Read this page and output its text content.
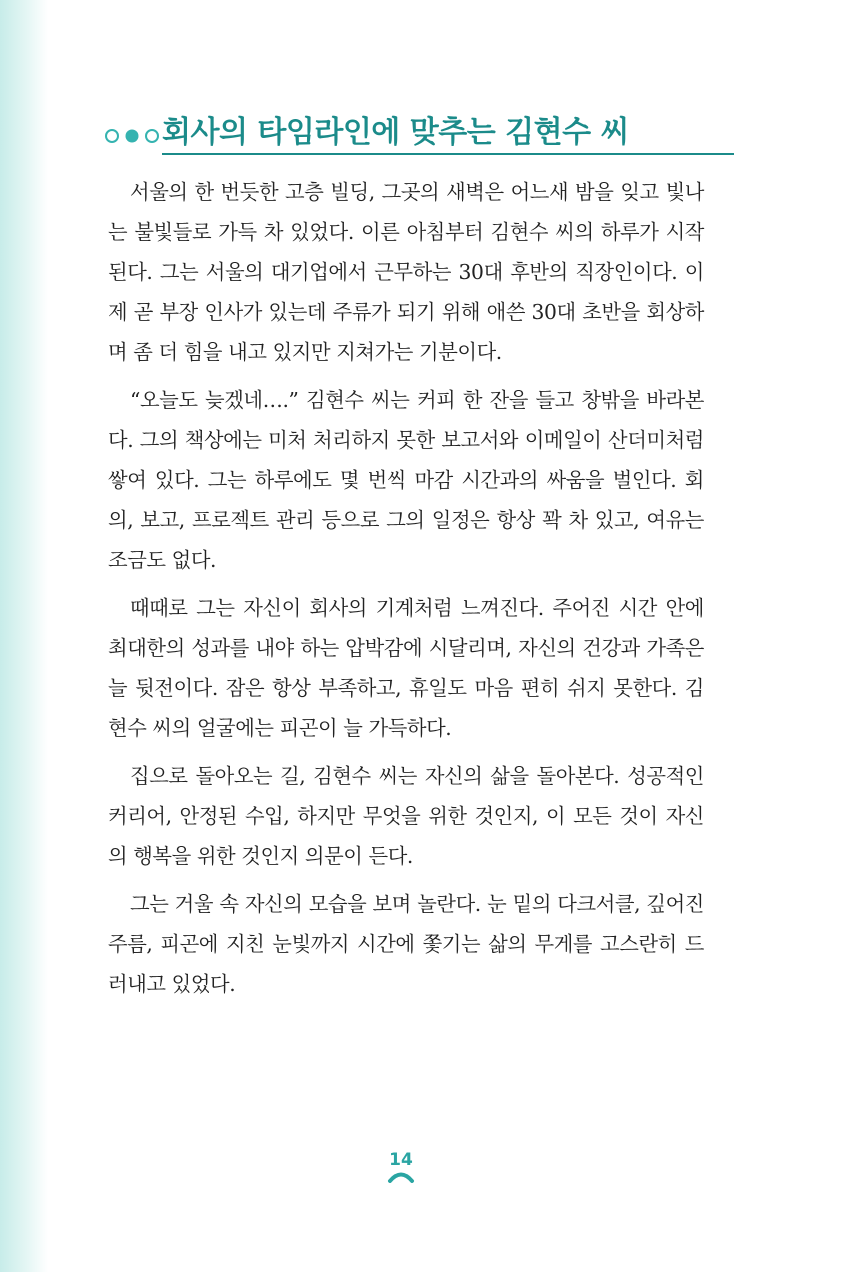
회사의 타임라인에 맞추는 김현수 씨

서울의 한 번듯한 고층 빌딩, 그곳의 새벽은 어느새 밤을 잊고 빛나는 불빛들로 가득 차 있었다. 이른 아침부터 김현수 씨의 하루가 시작된다. 그는 서울의 대기업에서 근무하는 30대 후반의 직장인이다. 이제 곧 부장 인사가 있는데 주류가 되기 위해 애쓴 30대 초반을 회상하며 좀 더 힘을 내고 있지만 지쳐가는 기분이다.

“오늘도 늦겠네….” 김현수 씨는 커피 한 잔을 들고 창밖을 바라본다. 그의 책상에는 미처 처리하지 못한 보고서와 이메일이 산더미처럼 쌓여 있다. 그는 하루에도 몇 번씩 마감 시간과의 싸움을 벌인다. 회의, 보고, 프로젝트 관리 등으로 그의 일정은 항상 꽉 차 있고, 여유는 조금도 없다.

때때로 그는 자신이 회사의 기계처럼 느껴진다. 주어진 시간 안에 최대한의 성과를 내야 하는 압박감에 시달리며, 자신의 건강과 가족은 늘 뒷전이다. 잠은 항상 부족하고, 휴일도 마음 편히 쉬지 못한다. 김현수 씨의 얼굴에는 피곤이 늘 가득하다.

집으로 돌아오는 길, 김현수 씨는 자신의 삶을 돌아본다. 성공적인 커리어, 안정된 수입, 하지만 무엇을 위한 것인지, 이 모든 것이 자신의 행복을 위한 것인지 의문이 든다.

그는 거울 속 자신의 모습을 보며 놀란다. 눈 밑의 다크서클, 깊어진 주름, 피곤에 지친 눈빛까지 시간에 쫓기는 삶의 무게를 고스란히 드러내고 있었다.

14
